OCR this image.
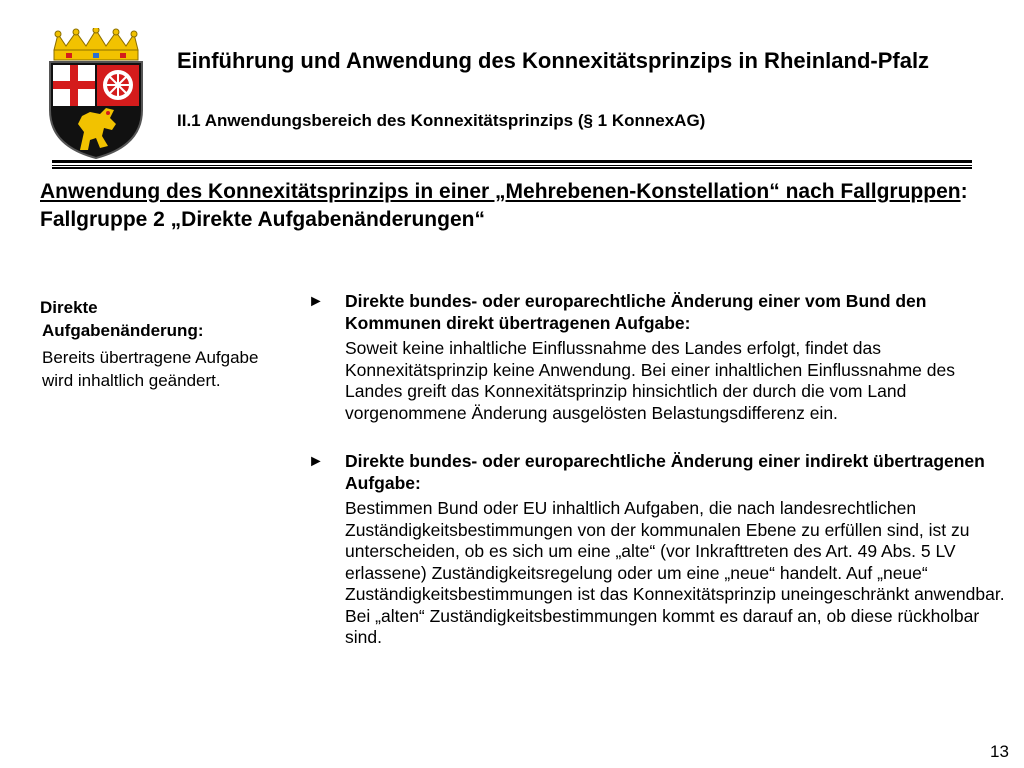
Einführung und Anwendung des Konnexitätsprinzips in Rheinland-Pfalz
II.1 Anwendungsbereich des Konnexitätsprinzips (§ 1 KonnexAG)
Anwendung des Konnexitätsprinzips in einer „Mehrebenen-Konstellation“ nach Fallgruppen: Fallgruppe 2 „Direkte Aufgabenänderungen“

Direkte
Aufgabenänderung:

Bereits übertragene Aufgabe wird inhaltlich geändert.

► Direkte bundes- oder europarechtliche Änderung einer vom Bund den Kommunen direkt übertragenen Aufgabe:

Soweit keine inhaltliche Einflussnahme des Landes erfolgt, findet das Konnexitätsprinzip keine Anwendung. Bei einer inhaltlichen Einflussnahme des Landes greift das Konnexitätsprinzip hinsichtlich der durch die vom Land vorgenommene Änderung ausgelösten Belastungsdifferenz ein.

► Direkte bundes- oder europarechtliche Änderung einer indirekt übertragenen Aufgabe:

Bestimmen Bund oder EU inhaltlich Aufgaben, die nach landesrechtlichen Zuständigkeitsbestimmungen von der kommunalen Ebene zu erfüllen sind, ist zu unterscheiden, ob es sich um eine „alte“ (vor Inkrafttreten des Art. 49 Abs. 5 LV erlassene) Zuständigkeitsregelung oder um eine „neue“ handelt. Auf „neue“ Zuständigkeitsbestimmungen ist das Konnexitätsprinzip uneingeschränkt anwendbar. Bei „alten“ Zuständigkeitsbestimmungen kommt es darauf an, ob diese rückholbar sind.

13
